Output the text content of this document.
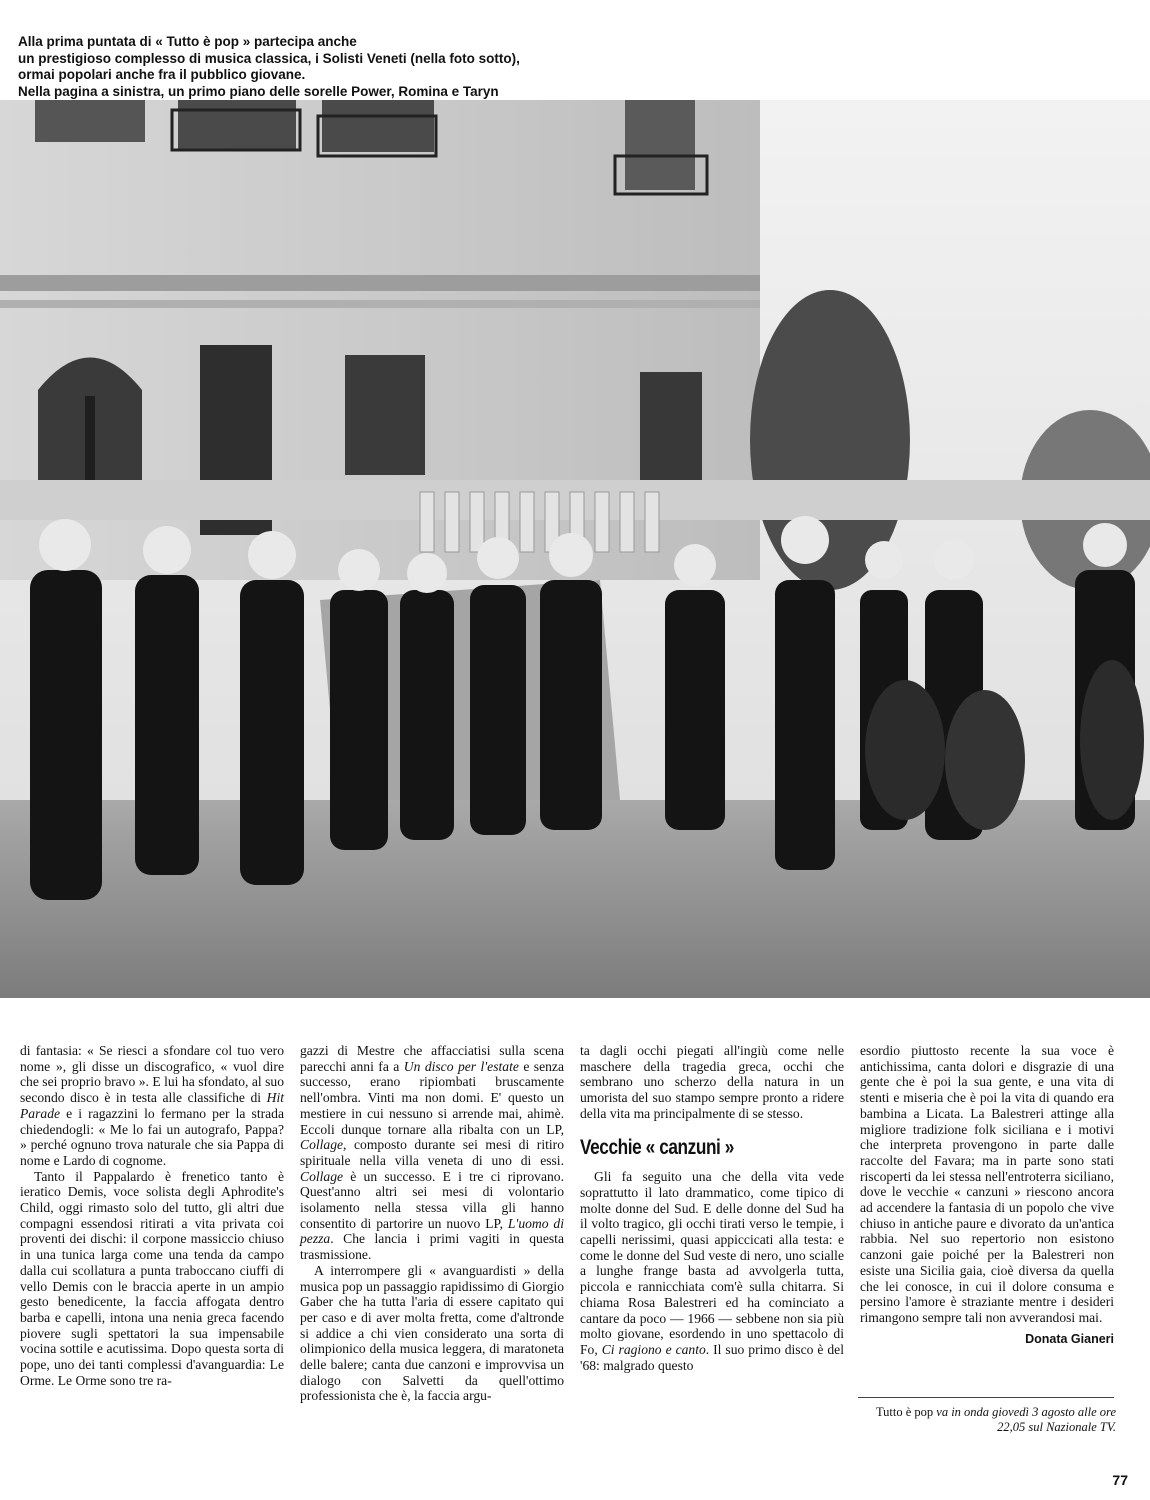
Alla prima puntata di « Tutto è pop » partecipa anche
un prestigioso complesso di musica classica, i Solisti Veneti (nella foto sotto),
ormai popolari anche fra il pubblico giovane.
Nella pagina a sinistra, un primo piano delle sorelle Power, Romina e Taryn

di fantasia: « Se riesci a sfondare col tuo vero nome », gli disse un discografico, « vuol dire che sei proprio bravo ». E lui ha sfondato, al suo secondo disco è in testa alle classifiche di Hit Parade e i ragazzini lo fermano per la strada chiedendogli: « Me lo fai un autografo, Pappa? » perché ognuno trova naturale che sia Pappa di nome e Lardo di cognome.

Tanto il Pappalardo è frenetico tanto è ieratico Demis, voce solista degli Aphrodite's Child, oggi rimasto solo del tutto, gli altri due compagni essendosi ritirati a vita privata coi proventi dei dischi: il corpone massiccio chiuso in una tunica larga come una tenda da campo dalla cui scollatura a punta traboccano ciuffi di vello Demis con le braccia aperte in un ampio gesto benedicente, la faccia affogata dentro barba e capelli, intona una nenia greca facendo piovere sugli spettatori la sua impensabile vocina sottile e acutissima. Dopo questa sorta di pope, uno dei tanti complessi d'avanguardia: Le Orme. Le Orme sono tre ra-

gazzi di Mestre che affacciatisi sulla scena parecchi anni fa a Un disco per l'estate e senza successo, erano ripiombati bruscamente nell'ombra. Vinti ma non domi. E' questo un mestiere in cui nessuno si arrende mai, ahimè. Eccoli dunque tornare alla ribalta con un LP, Collage, composto durante sei mesi di ritiro spirituale nella villa veneta di uno di essi. Collage è un successo. E i tre ci riprovano. Quest'anno altri sei mesi di volontario isolamento nella stessa villa gli hanno consentito di partorire un nuovo LP, L'uomo di pezza. Che lancia i primi vagiti in questa trasmissione.

A interrompere gli « avanguardisti » della musica pop un passaggio rapidissimo di Giorgio Gaber che ha tutta l'aria di essere capitato qui per caso e di aver molta fretta, come d'altronde si addice a chi vien considerato una sorta di olimpionico della musica leggera, di maratoneta delle balere; canta due canzoni e improvvisa un dialogo con Salvetti da quell'ottimo professionista che è, la faccia argu-

ta dagli occhi piegati all'ingiù come nelle maschere della tragedia greca, occhi che sembrano uno scherzo della natura in un umorista del suo stampo sempre pronto a ridere della vita ma principalmente di se stesso.

Vecchie « canzuni »

Gli fa seguito una che della vita vede soprattutto il lato drammatico, come tipico di molte donne del Sud. E delle donne del Sud ha il volto tragico, gli occhi tirati verso le tempie, i capelli nerissimi, quasi appiccicati alla testa: e come le donne del Sud veste di nero, uno scialle a lunghe frange basta ad avvolgerla tutta, piccola e rannicchiata com'è sulla chitarra. Si chiama Rosa Balestreri ed ha cominciato a cantare da poco — 1966 — sebbene non sia più molto giovane, esordendo in uno spettacolo di Fo, Ci ragiono e canto. Il suo primo disco è del '68: malgrado questo

esordio piuttosto recente la sua voce è antichissima, canta dolori e disgrazie di una gente che è poi la sua gente, e una vita di stenti e miseria che è poi la vita di quando era bambina a Licata. La Balestreri attinge alla migliore tradizione folk siciliana e i motivi che interpreta provengono in parte dalle raccolte del Favara; ma in parte sono stati riscoperti da lei stessa nell'entroterra siciliano, dove le vecchie « canzuni » riescono ancora ad accendere la fantasia di un popolo che vive chiuso in antiche paure e divorato da un'antica rabbia. Nel suo repertorio non esistono canzoni gaie poiché per la Balestreri non esiste una Sicilia gaia, cioè diversa da quella che lei conosce, in cui il dolore consuma e persino l'amore è straziante mentre i desideri rimangono sempre tali non avverandosi mai.

Donata Gianeri
Tutto è pop va in onda giovedì 3 agosto alle ore 22,05 sul Nazionale TV.
77
